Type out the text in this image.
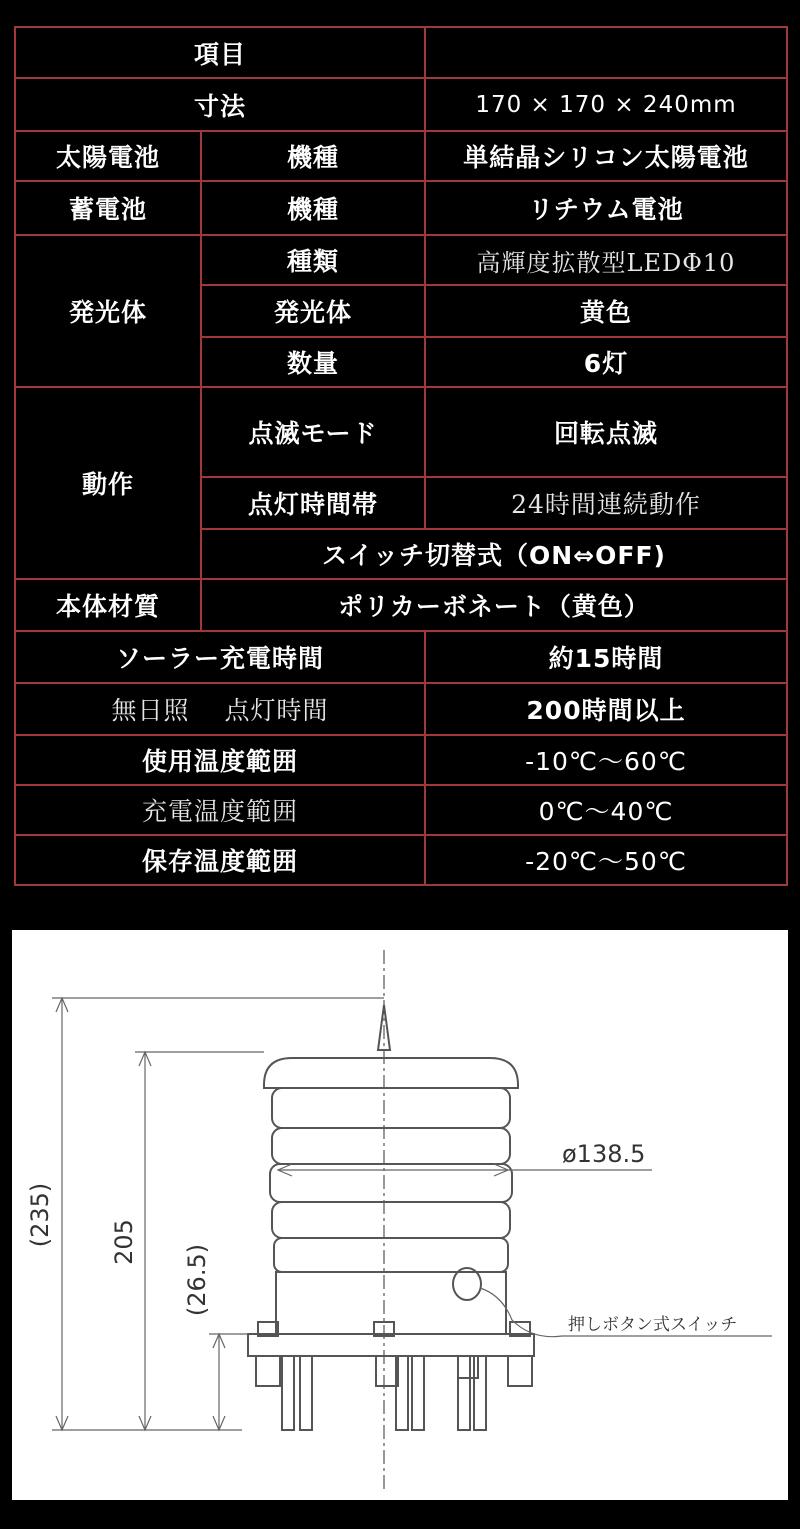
項目
寸法	170 × 170 × 240mm
太陽電池	機種	単結晶シリコン太陽電池
蓄電池	機種	リチウム電池
発光体
種類	高輝度拡散型LEDΦ10
発光体	黄色
数量	6灯
動作
点滅モード	回転点滅
点灯時間帯	24時間連続動作
スイッチ切替式（ON⇔OFF)
本体材質	ポリカーボネート（黄色）
ソーラー充電時間	約15時間
無日照　 点灯時間	200時間以上
使用温度範囲	-10℃～60℃
充電温度範囲	0℃～40℃
保存温度範囲	-20℃～50℃
(235) 205
(26.5)
ø138.5
押しボタン式スイッチ
